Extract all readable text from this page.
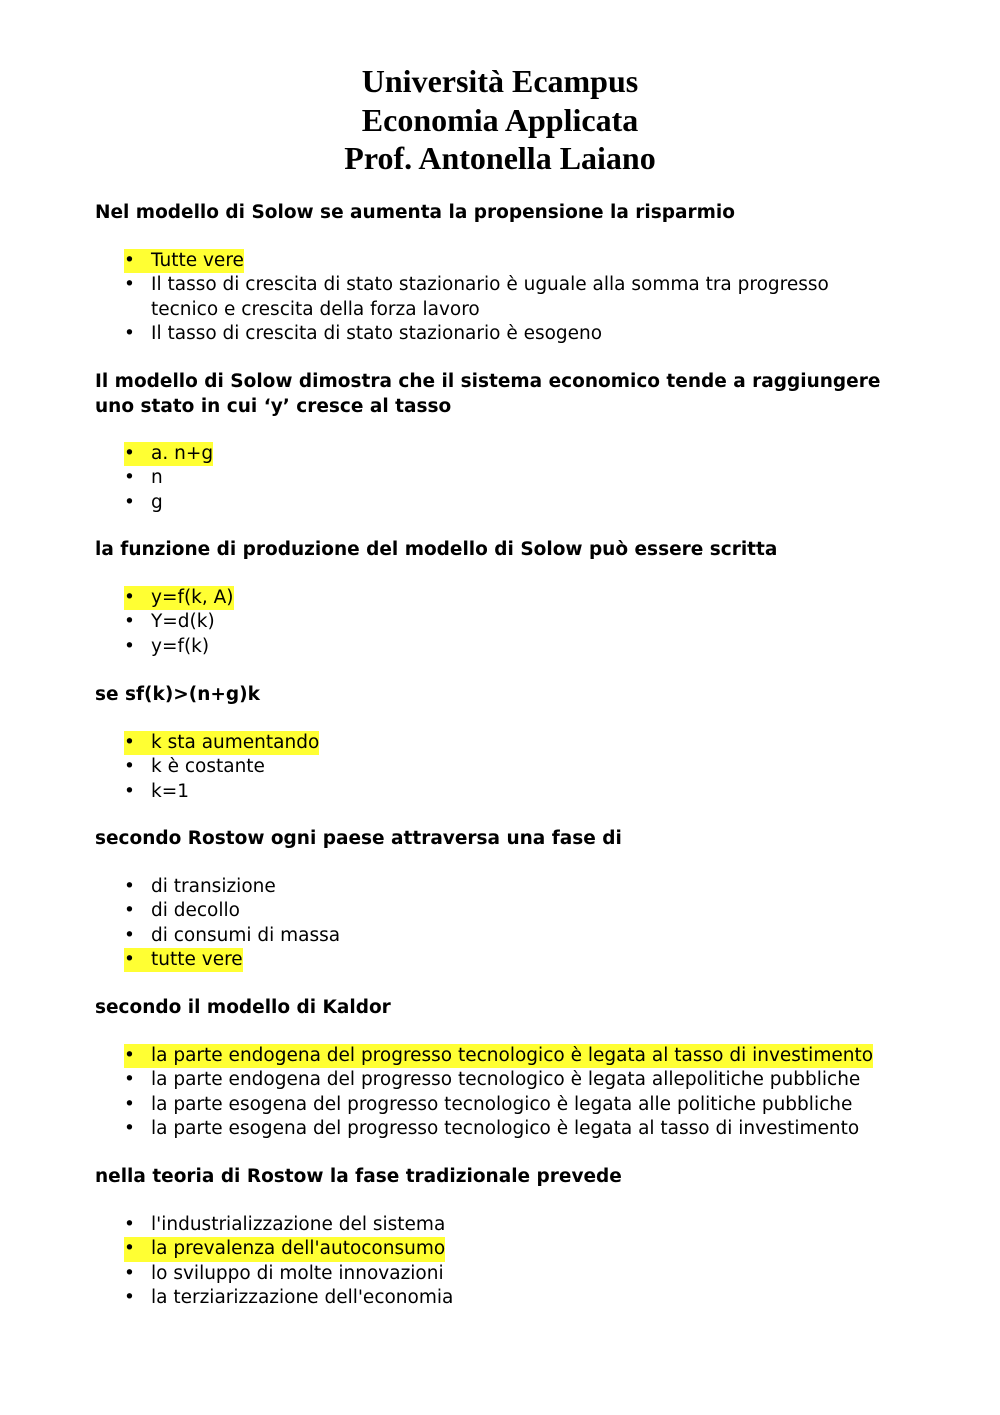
Università Ecampus
Economia Applicata
Prof. Antonella Laiano
Nel modello di Solow se aumenta la propensione la risparmio
• Tutte vere
• Il tasso di crescita di stato stazionario è uguale alla somma tra progresso tecnico e crescita della forza lavoro
• Il tasso di crescita di stato stazionario è esogeno
Il modello di Solow dimostra che il sistema economico tende a raggiungere uno stato in cui ‘y’ cresce al tasso
• a. n+g
• n
• g
la funzione di produzione del modello di Solow può essere scritta
• y=f(k, A)
• Y=d(k)
• y=f(k)
se sf(k)>(n+g)k
• k sta aumentando
• k è costante
• k=1
secondo Rostow ogni paese attraversa una fase di
• di transizione
• di decollo
• di consumi di massa
• tutte vere
secondo il modello di Kaldor
• la parte endogena del progresso tecnologico è legata al tasso di investimento
• la parte endogena del progresso tecnologico è legata allepolitiche pubbliche
• la parte esogena del progresso tecnologico è legata alle politiche pubbliche
• la parte esogena del progresso tecnologico è legata al tasso di investimento
nella teoria di Rostow la fase tradizionale prevede
• l'industrializzazione del sistema
• la prevalenza dell'autoconsumo
• lo sviluppo di molte innovazioni
• la terziarizzazione dell'economia
